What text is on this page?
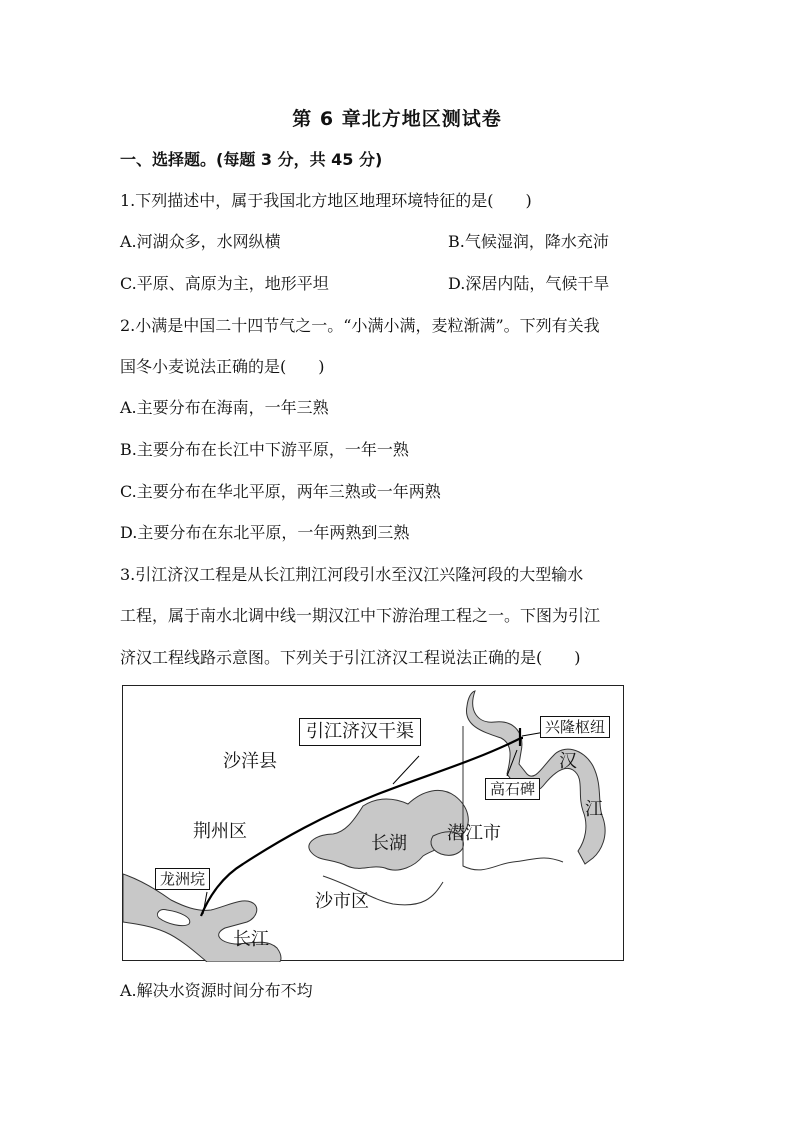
第 6 章北方地区测试卷
一、选择题。(每题 3 分，共 45 分)
1.下列描述中，属于我国北方地区地理环境特征的是(　　)
A.河湖众多，水网纵横	B.气候湿润，降水充沛
C.平原、高原为主，地形平坦	D.深居内陆，气候干旱
2.小满是中国二十四节气之一。“小满小满，麦粒渐满”。下列有关我
国冬小麦说法正确的是(　　)
A.主要分布在海南，一年三熟
B.主要分布在长江中下游平原，一年一熟
C.主要分布在华北平原，两年三熟或一年两熟
D.主要分布在东北平原，一年两熟到三熟
3.引江济汉工程是从长江荆江河段引水至汉江兴隆河段的大型输水
工程，属于南水北调中线一期汉江中下游治理工程之一。下图为引江
济汉工程线路示意图。下列关于引江济汉工程说法正确的是(　　)
引江济汉干渠
沙洋县
兴隆枢纽
汉
江
高石碑
荆州区
长湖 潜江市
龙洲垸
沙市区
长江
A.解决水资源时间分布不均
